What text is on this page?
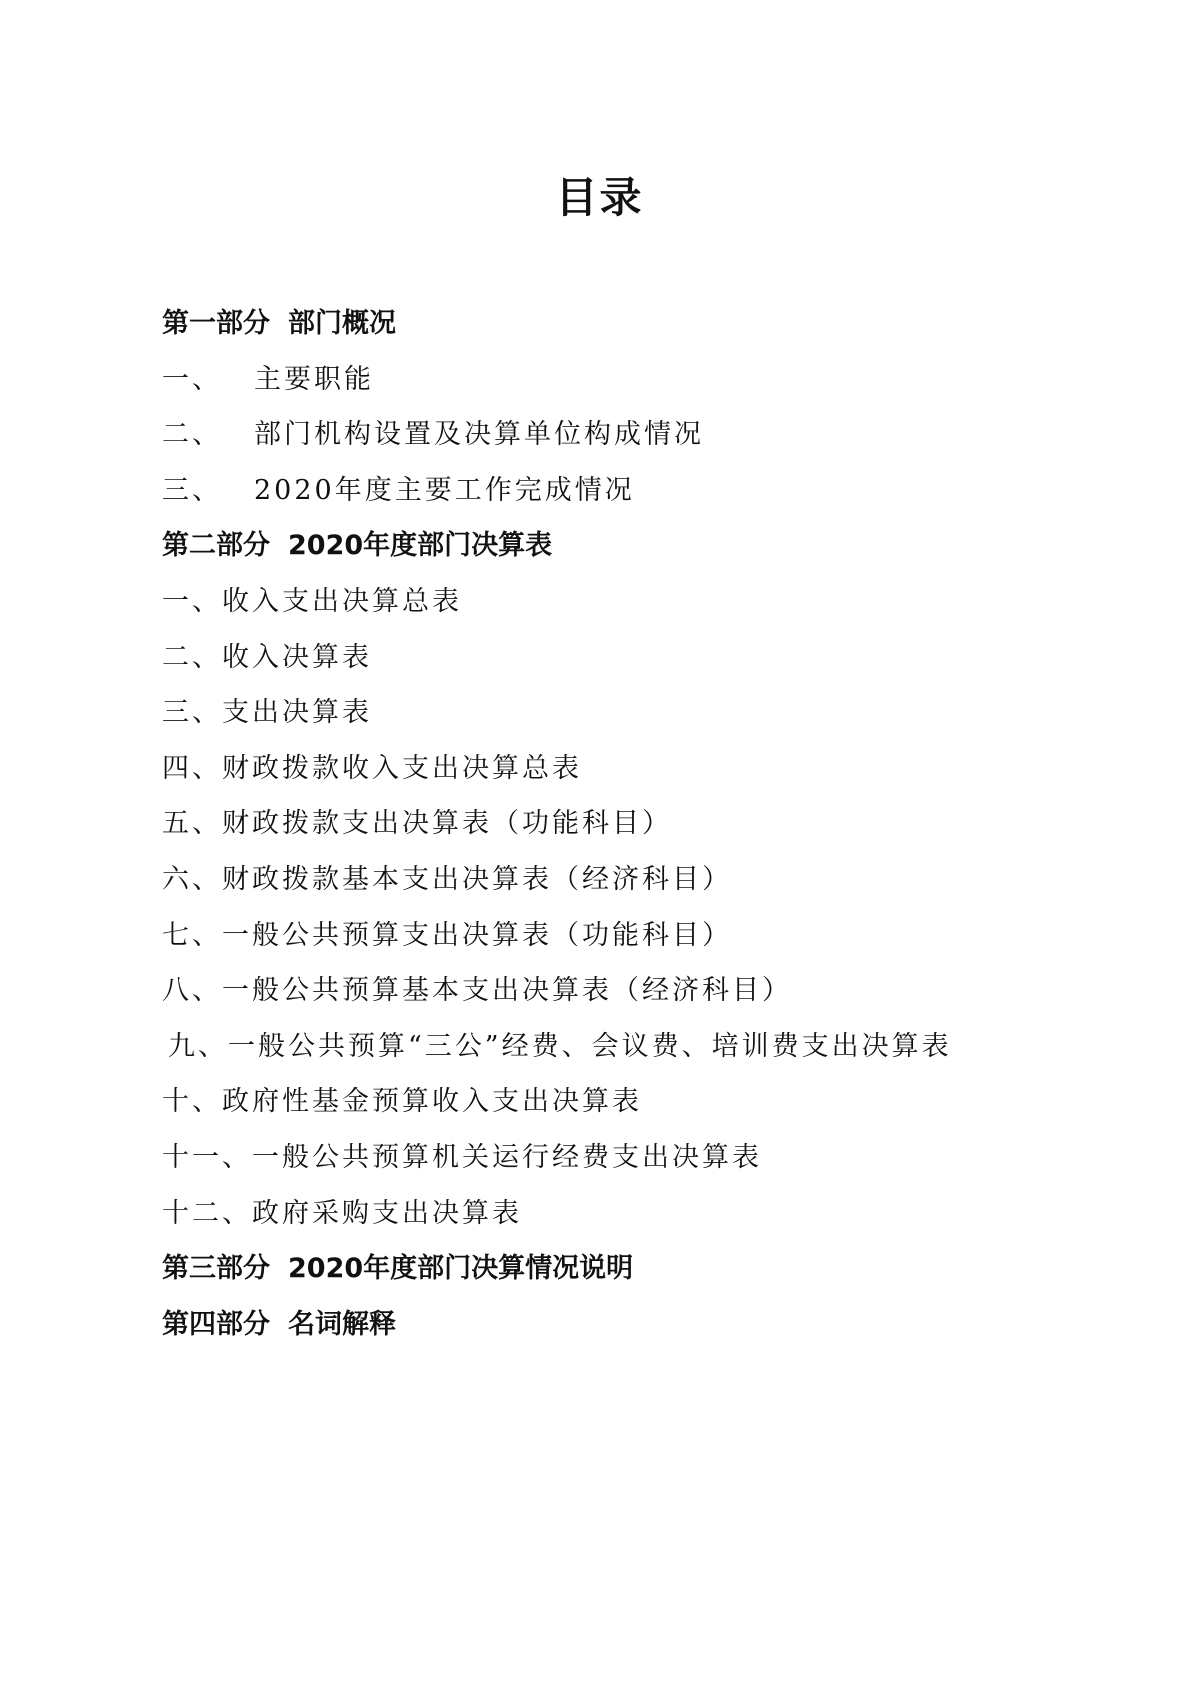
目录
第一部分 部门概况
一、 主要职能
二、 部门机构设置及决算单位构成情况
三、 2020年度主要工作完成情况
第二部分 2020年度部门决算表
一、收入支出决算总表
二、收入决算表
三、支出决算表
四、财政拨款收入支出决算总表
五、财政拨款支出决算表（功能科目）
六、财政拨款基本支出决算表（经济科目）
七、一般公共预算支出决算表（功能科目）
八、一般公共预算基本支出决算表（经济科目）
九、一般公共预算“三公”经费、会议费、培训费支出决算表
十、政府性基金预算收入支出决算表
十一、一般公共预算机关运行经费支出决算表
十二、政府采购支出决算表
第三部分 2020年度部门决算情况说明
第四部分 名词解释
